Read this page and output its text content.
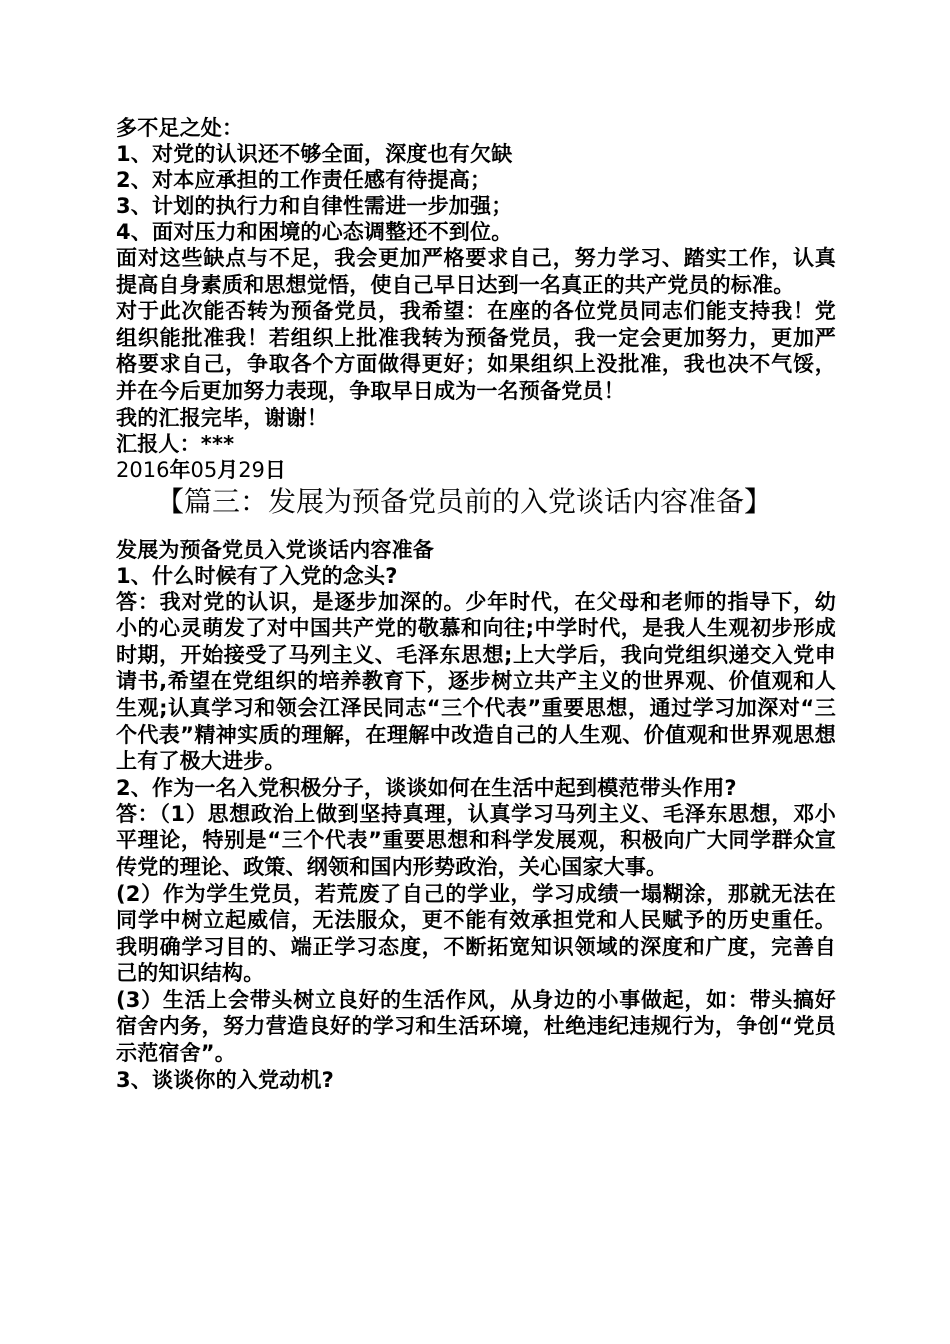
多不足之处：
1、对党的认识还不够全面，深度也有欠缺
2、对本应承担的工作责任感有待提高；
3、计划的执行力和自律性需进一步加强；
4、面对压力和困境的心态调整还不到位。
面对这些缺点与不足，我会更加严格要求自己，努力学习、踏实工作，认真提高自身素质和思想觉悟，使自己早日达到一名真正的共产党员的标准。
对于此次能否转为预备党员，我希望：在座的各位党员同志们能支持我！党组织能批准我！若组织上批准我转为预备党员，我一定会更加努力，更加严格要求自己，争取各个方面做得更好；如果组织上没批准，我也决不气馁，并在今后更加努力表现，争取早日成为一名预备党员！
我的汇报完毕，谢谢！
汇报人：***
2016年05月29日
【篇三：发展为预备党员前的入党谈话内容准备】
发展为预备党员入党谈话内容准备
1、什么时候有了入党的念头?
答：我对党的认识，是逐步加深的。少年时代，在父母和老师的指导下，幼小的心灵萌发了对中国共产党的敬慕和向往;中学时代，是我人生观初步形成时期，开始接受了马列主义、毛泽东思想;上大学后，我向党组织递交入党申请书,希望在党组织的培养教育下，逐步树立共产主义的世界观、价值观和人生观;认真学习和领会江泽民同志“三个代表”重要思想，通过学习加深对“三个代表”精神实质的理解，在理解中改造自己的人生观、价值观和世界观思想上有了极大进步。
2、作为一名入党积极分子，谈谈如何在生活中起到模范带头作用?
答：（1）思想政治上做到坚持真理，认真学习马列主义、毛泽东思想，邓小平理论，特别是“三个代表”重要思想和科学发展观，积极向广大同学群众宣传党的理论、政策、纲领和国内形势政治，关心国家大事。
(2）作为学生党员，若荒废了自己的学业，学习成绩一塌糊涂，那就无法在同学中树立起威信，无法服众，更不能有效承担党和人民赋予的历史重任。我明确学习目的、端正学习态度，不断拓宽知识领域的深度和广度，完善自己的知识结构。
(3）生活上会带头树立良好的生活作风，从身边的小事做起，如：带头搞好宿舍内务，努力营造良好的学习和生活环境，杜绝违纪违规行为，争创“党员示范宿舍”。
3、谈谈你的入党动机?
